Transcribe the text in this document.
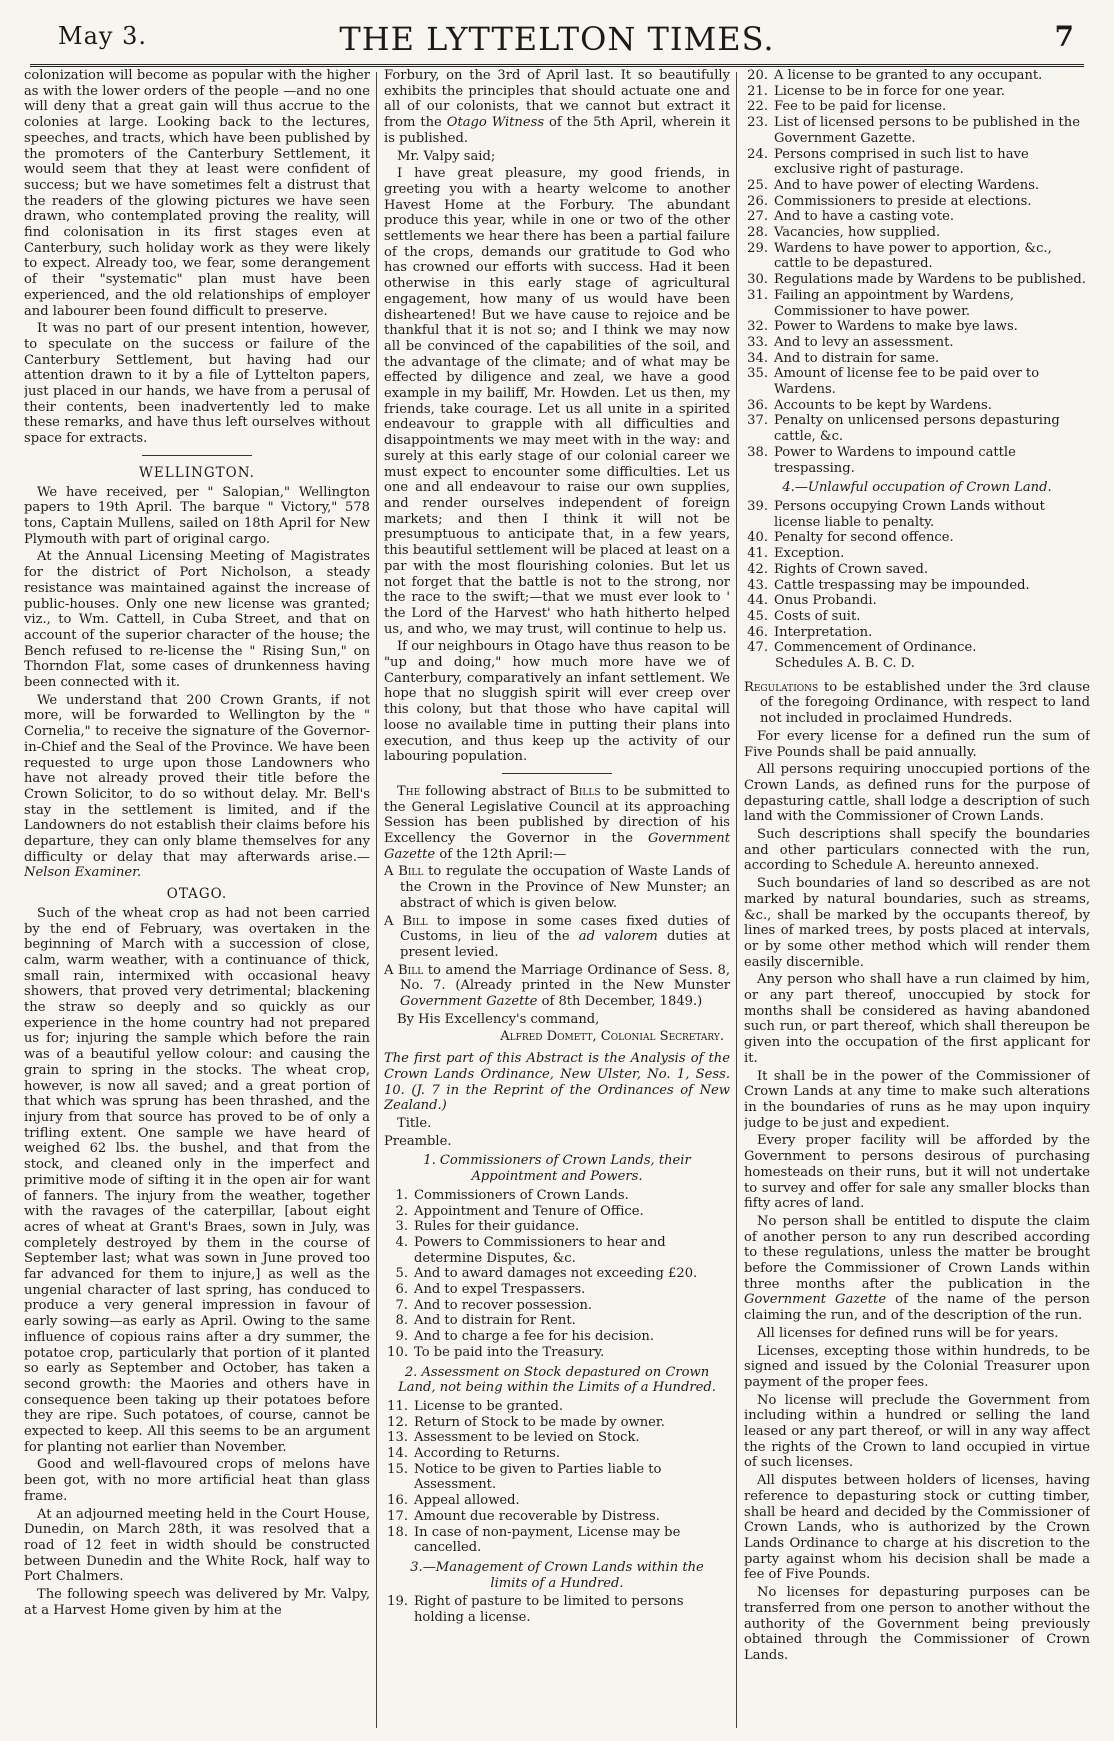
May 3.	THE LYTTELTON TIMES.	7

colonization will become as popular with the higher as with the lower orders of the people —and no one will deny that a great gain will thus accrue to the colonies at large. Looking back to the lectures, speeches, and tracts, which have been published by the promoters of the Canterbury Settlement, it would seem that they at least were confident of success; but we have sometimes felt a distrust that the readers of the glowing pictures we have seen drawn, who contemplated proving the reality, will find colonisation in its first stages even at Canterbury, such holiday work as they were likely to expect. Already too, we fear, some derangement of their "systematic" plan must have been experienced, and the old relationships of employer and labourer been found difficult to preserve.

It was no part of our present intention, however, to speculate on the success or failure of the Canterbury Settlement, but having had our attention drawn to it by a file of Lyttelton papers, just placed in our hands, we have from a perusal of their contents, been inadvertently led to make these remarks, and have thus left ourselves without space for extracts.

WELLINGTON.

We have received, per " Salopian," Wellington papers to 19th April. The barque " Victory," 578 tons, Captain Mullens, sailed on 18th April for New Plymouth with part of original cargo.

At the Annual Licensing Meeting of Magistrates for the district of Port Nicholson, a steady resistance was maintained against the increase of public-houses. Only one new license was granted; viz., to Wm. Cattell, in Cuba Street, and that on account of the superior character of the house; the Bench refused to re-license the " Rising Sun," on Thorndon Flat, some cases of drunkenness having been connected with it.

We understand that 200 Crown Grants, if not more, will be forwarded to Wellington by the " Cornelia," to receive the signature of the Governor-in-Chief and the Seal of the Province. We have been requested to urge upon those Landowners who have not already proved their title before the Crown Solicitor, to do so without delay. Mr. Bell's stay in the settlement is limited, and if the Landowners do not establish their claims before his departure, they can only blame themselves for any difficulty or delay that may afterwards arise.—Nelson Examiner.

OTAGO.

Such of the wheat crop as had not been carried by the end of February, was overtaken in the beginning of March with a succession of close, calm, warm weather, with a continuance of thick, small rain, intermixed with occasional heavy showers, that proved very detrimental; blackening the straw so deeply and so quickly as our experience in the home country had not prepared us for; injuring the sample which before the rain was of a beautiful yellow colour: and causing the grain to spring in the stocks. The wheat crop, however, is now all saved; and a great portion of that which was sprung has been thrashed, and the injury from that source has proved to be of only a trifling extent. One sample we have heard of weighed 62 lbs. the bushel, and that from the stock, and cleaned only in the imperfect and primitive mode of sifting it in the open air for want of fanners. The injury from the weather, together with the ravages of the caterpillar, [about eight acres of wheat at Grant's Braes, sown in July, was completely destroyed by them in the course of September last; what was sown in June proved too far advanced for them to injure,] as well as the ungenial character of last spring, has conduced to produce a very general impression in favour of early sowing—as early as April. Owing to the same influence of copious rains after a dry summer, the potatoe crop, particularly that portion of it planted so early as September and October, has taken a second growth: the Maories and others have in consequence been taking up their potatoes before they are ripe. Such potatoes, of course, cannot be expected to keep. All this seems to be an argument for planting not earlier than November.

Good and well-flavoured crops of melons have been got, with no more artificial heat than glass frame.

At an adjourned meeting held in the Court House, Dunedin, on March 28th, it was resolved that a road of 12 feet in width should be constructed between Dunedin and the White Rock, half way to Port Chalmers.

The following speech was delivered by Mr. Valpy, at a Harvest Home given by him at the

Forbury, on the 3rd of April last. It so beautifully exhibits the principles that should actuate one and all of our colonists, that we cannot but extract it from the Otago Witness of the 5th April, wherein it is published.

Mr. Valpy said;

I have great pleasure, my good friends, in greeting you with a hearty welcome to another Havest Home at the Forbury. The abundant produce this year, while in one or two of the other settlements we hear there has been a partial failure of the crops, demands our gratitude to God who has crowned our efforts with success. Had it been otherwise in this early stage of agricultural engagement, how many of us would have been disheartened! But we have cause to rejoice and be thankful that it is not so; and I think we may now all be convinced of the capabilities of the soil, and the advantage of the climate; and of what may be effected by diligence and zeal, we have a good example in my bailiff, Mr. Howden. Let us then, my friends, take courage. Let us all unite in a spirited endeavour to grapple with all difficulties and disappointments we may meet with in the way: and surely at this early stage of our colonial career we must expect to encounter some difficulties. Let us one and all endeavour to raise our own supplies, and render ourselves independent of foreign markets; and then I think it will not be presumptuous to anticipate that, in a few years, this beautiful settlement will be placed at least on a par with the most flourishing colonies. But let us not forget that the battle is not to the strong, nor the race to the swift;—that we must ever look to ' the Lord of the Harvest' who hath hitherto helped us, and who, we may trust, will continue to help us.

If our neighbours in Otago have thus reason to be "up and doing," how much more have we of Canterbury, comparatively an infant settlement. We hope that no sluggish spirit will ever creep over this colony, but that those who have capital will loose no available time in putting their plans into execution, and thus keep up the activity of our labouring population.

The following abstract of Bills to be submitted to the General Legislative Council at its approaching Session has been published by direction of his Excellency the Governor in the Government Gazette of the 12th April:—

A Bill to regulate the occupation of Waste Lands of the Crown in the Province of New Munster; an abstract of which is given below.

A Bill to impose in some cases fixed duties of Customs, in lieu of the ad valorem duties at present levied.

A Bill to amend the Marriage Ordinance of Sess. 8, No. 7. (Already printed in the New Munster Government Gazette of 8th December, 1849.)

By His Excellency's command,

Alfred Domett, Colonial Secretary.

The first part of this Abstract is the Analysis of the Crown Lands Ordinance, New Ulster, No. 1, Sess. 10. (J. 7 in the Reprint of the Ordinances of New Zealand.)

Title.

Preamble.

1. Commissioners of Crown Lands, their Appointment and Powers.
1. Commissioners of Crown Lands.
2. Appointment and Tenure of Office.
3. Rules for their guidance.
4. Powers to Commissioners to hear and determine Disputes, &c.
5. And to award damages not exceeding £20.
6. And to expel Trespassers.
7. And to recover possession.
8. And to distrain for Rent.
9. And to charge a fee for his decision.
10. To be paid into the Treasury.
2. Assessment on Stock depastured on Crown Land, not being within the Limits of a Hundred.
11. License to be granted.
12. Return of Stock to be made by owner.
13. Assessment to be levied on Stock.
14. According to Returns.
15. Notice to be given to Parties liable to Assessment.
16. Appeal allowed.
17. Amount due recoverable by Distress.
18. In case of non-payment, License may be cancelled.
3.—Management of Crown Lands within the limits of a Hundred.
19. Right of pasture to be limited to persons holding a license.
20. A license to be granted to any occupant.
21. License to be in force for one year.
22. Fee to be paid for license.
23. List of licensed persons to be published in the Government Gazette.
24. Persons comprised in such list to have exclusive right of pasturage.
25. And to have power of electing Wardens.
26. Commissioners to preside at elections.
27. And to have a casting vote.
28. Vacancies, how supplied.
29. Wardens to have power to apportion, &c., cattle to be depastured.
30. Regulations made by Wardens to be published.
31. Failing an appointment by Wardens, Commissioner to have power.
32. Power to Wardens to make bye laws.
33. And to levy an assessment.
34. And to distrain for same.
35. Amount of license fee to be paid over to Wardens.
36. Accounts to be kept by Wardens.
37. Penalty on unlicensed persons depasturing cattle, &c.
38. Power to Wardens to impound cattle trespassing.
4.—Unlawful occupation of Crown Land.
39. Persons occupying Crown Lands without license liable to penalty.
40. Penalty for second offence.
41. Exception.
42. Rights of Crown saved.
43. Cattle trespassing may be impounded.
44. Onus Probandi.
45. Costs of suit.
46. Interpretation.
47. Commencement of Ordinance.

Schedules A. B. C. D.

Regulations to be established under the 3rd clause of the foregoing Ordinance, with respect to land not included in proclaimed Hundreds.

For every license for a defined run the sum of Five Pounds shall be paid annually.

All persons requiring unoccupied portions of the Crown Lands, as defined runs for the purpose of depasturing cattle, shall lodge a description of such land with the Commissioner of Crown Lands.

Such descriptions shall specify the boundaries and other particulars connected with the run, according to Schedule A. hereunto annexed.

Such boundaries of land so described as are not marked by natural boundaries, such as streams, &c., shall be marked by the occupants thereof, by lines of marked trees, by posts placed at intervals, or by some other method which will render them easily discernible.

Any person who shall have a run claimed by him, or any part thereof, unoccupied by stock for months shall be considered as having abandoned such run, or part thereof, which shall thereupon be given into the occupation of the first applicant for it.

It shall be in the power of the Commissioner of Crown Lands at any time to make such alterations in the boundaries of runs as he may upon inquiry judge to be just and expedient.

Every proper facility will be afforded by the Government to persons desirous of purchasing homesteads on their runs, but it will not undertake to survey and offer for sale any smaller blocks than fifty acres of land.

No person shall be entitled to dispute the claim of another person to any run described according to these regulations, unless the matter be brought before the Commissioner of Crown Lands within three months after the publication in the Government Gazette of the name of the person claiming the run, and of the description of the run.

All licenses for defined runs will be for years.

Licenses, excepting those within hundreds, to be signed and issued by the Colonial Treasurer upon payment of the proper fees.

No license will preclude the Government from including within a hundred or selling the land leased or any part thereof, or will in any way affect the rights of the Crown to land occupied in virtue of such licenses.

All disputes between holders of licenses, having reference to depasturing stock or cutting timber, shall be heard and decided by the Commissioner of Crown Lands, who is authorized by the Crown Lands Ordinance to charge at his discretion to the party against whom his decision shall be made a fee of Five Pounds.

No licenses for depasturing purposes can be transferred from one person to another without the authority of the Government being previously obtained through the Commissioner of Crown Lands.
